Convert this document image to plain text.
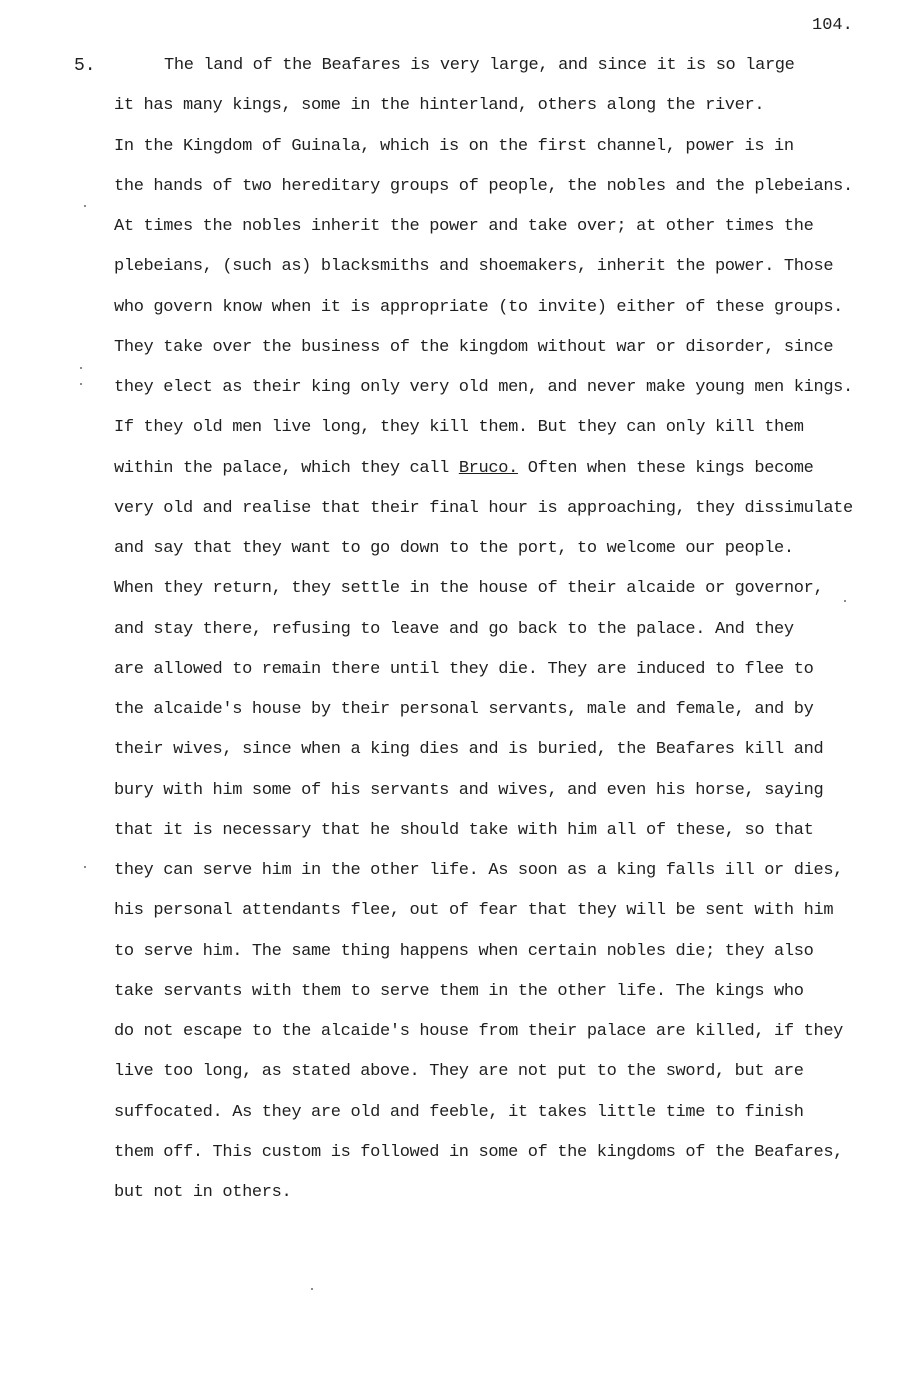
104.
5.	The land of the Beafares is very large, and since it is so large
it has many kings, some in the hinterland, others along the river.
In the Kingdom of Guinala, which is on the first channel, power is in
the hands of two hereditary groups of people, the nobles and the plebeians.
At times the nobles inherit the power and take over; at other times the
plebeians, (such as) blacksmiths and shoemakers, inherit the power. Those
who govern know when it is appropriate (to invite) either of these groups.
They take over the business of the kingdom without war or disorder, since
they elect as their king only very old men, and never make young men kings.
If they old men live long, they kill them. But they can only kill them
within the palace, which they call Bruco. Often when these kings become
very old and realise that their final hour is approaching, they dissimulate
and say that they want to go down to the port, to welcome our people.
When they return, they settle in the house of their alcaide or governor,
and stay there, refusing to leave and go back to the palace. And they
are allowed to remain there until they die. They are induced to flee to
the alcaide's house by their personal servants, male and female, and by
their wives, since when a king dies and is buried, the Beafares kill and
bury with him some of his servants and wives, and even his horse, saying
that it is necessary that he should take with him all of these, so that
they can serve him in the other life. As soon as a king falls ill or dies,
his personal attendants flee, out of fear that they will be sent with him
to serve him. The same thing happens when certain nobles die; they also
take servants with them to serve them in the other life. The kings who
do not escape to the alcaide's house from their palace are killed, if they
live too long, as stated above. They are not put to the sword, but are
suffocated. As they are old and feeble, it takes little time to finish
them off. This custom is followed in some of the kingdoms of the Beafares,
but not in others.
